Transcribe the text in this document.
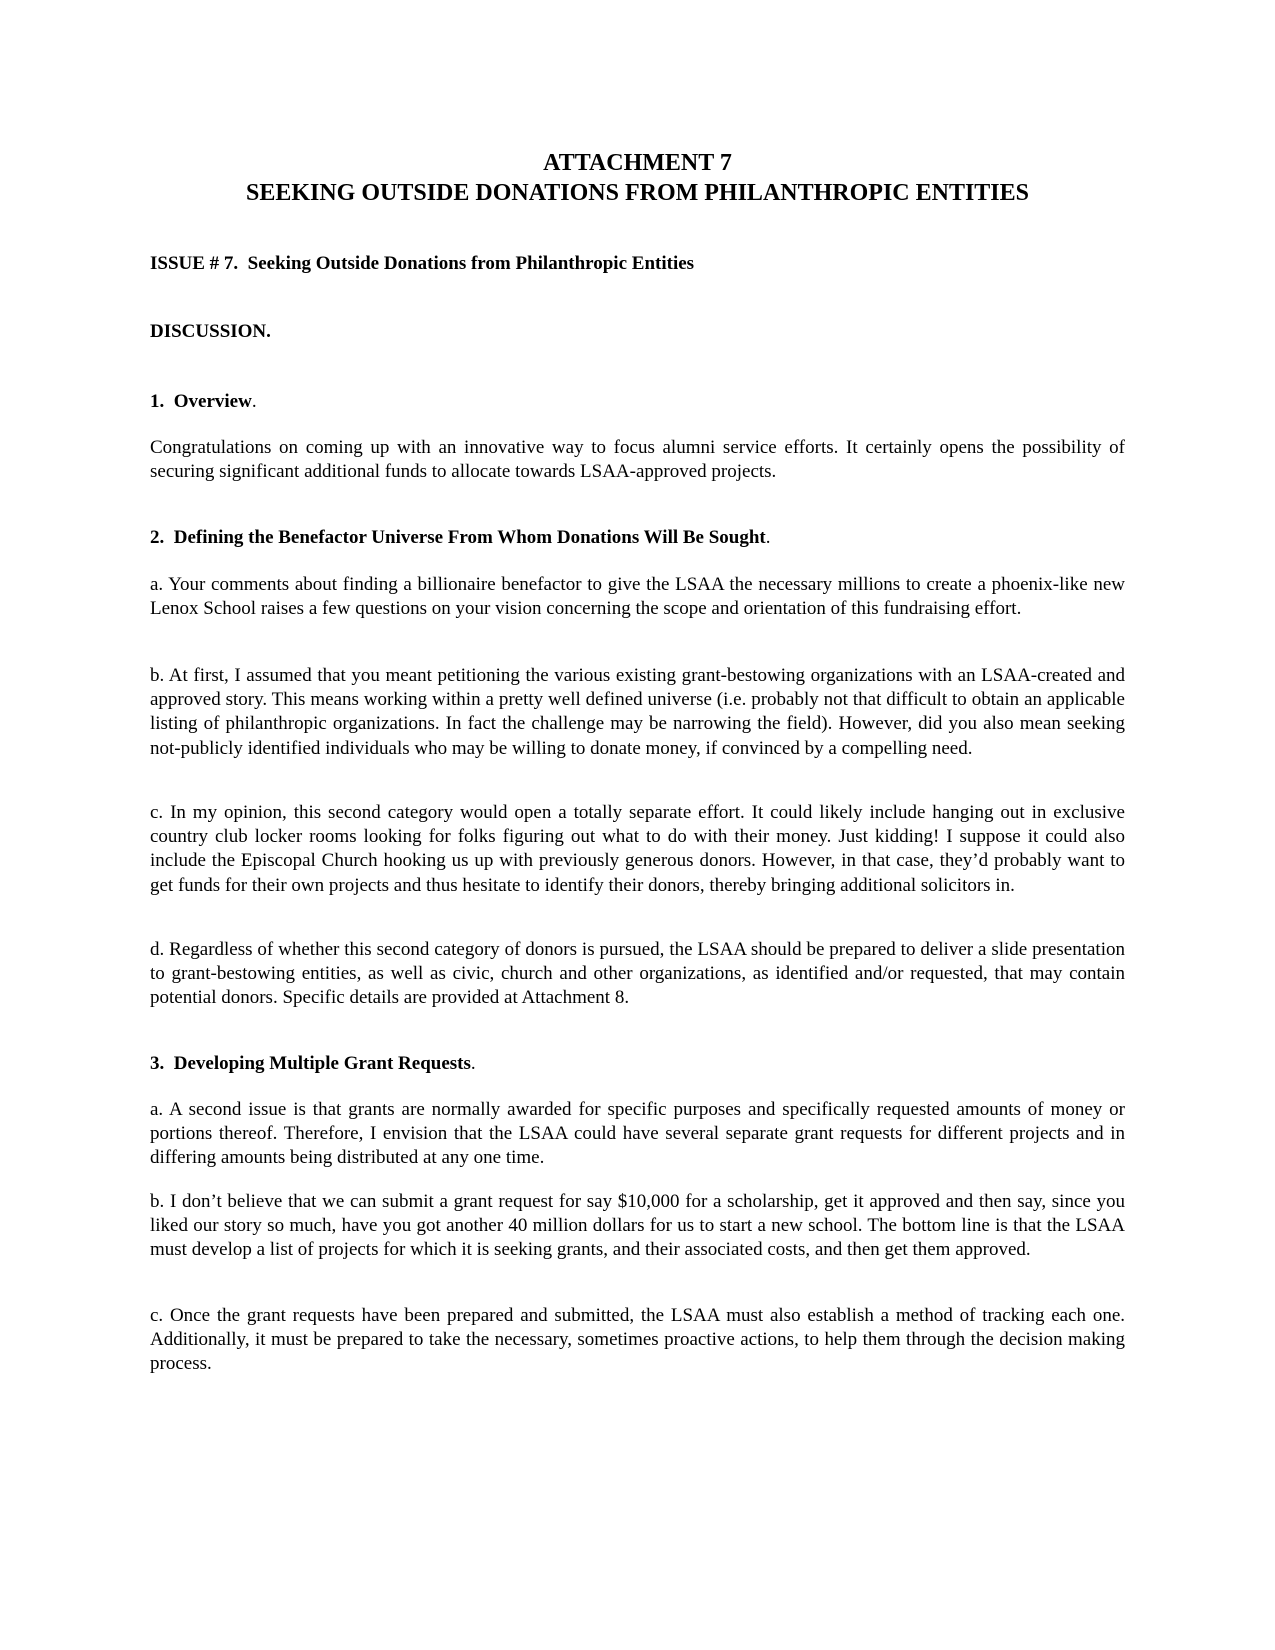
ATTACHMENT 7
SEEKING OUTSIDE DONATIONS FROM PHILANTHROPIC ENTITIES
ISSUE # 7.  Seeking Outside Donations from Philanthropic Entities
DISCUSSION.
1.  Overview.

Congratulations on coming up with an innovative way to focus alumni service efforts. It certainly opens the possibility of securing significant additional funds to allocate towards LSAA-approved projects.

2.  Defining the Benefactor Universe From Whom Donations Will Be Sought.

a. Your comments about finding a billionaire benefactor to give the LSAA the necessary millions to create a phoenix-like new Lenox School raises a few questions on your vision concerning the scope and orientation of this fundraising effort.

b. At first, I assumed that you meant petitioning the various existing grant-bestowing organizations with an LSAA-created and approved story. This means working within a pretty well defined universe (i.e. probably not that difficult to obtain an applicable listing of philanthropic organizations. In fact the challenge may be narrowing the field). However, did you also mean seeking not-publicly identified individuals who may be willing to donate money, if convinced by a compelling need.

c. In my opinion, this second category would open a totally separate effort. It could likely include hanging out in exclusive country club locker rooms looking for folks figuring out what to do with their money. Just kidding! I suppose it could also include the Episcopal Church hooking us up with previously generous donors. However, in that case, they’d probably want to get funds for their own projects and thus hesitate to identify their donors, thereby bringing additional solicitors in.

d. Regardless of whether this second category of donors is pursued, the LSAA should be prepared to deliver a slide presentation to grant-bestowing entities, as well as civic, church and other organizations, as identified and/or requested, that may contain potential donors. Specific details are provided at Attachment 8.

3.  Developing Multiple Grant Requests.

a. A second issue is that grants are normally awarded for specific purposes and specifically requested amounts of money or portions thereof. Therefore, I envision that the LSAA could have several separate grant requests for different projects and in differing amounts being distributed at any one time.

b. I don’t believe that we can submit a grant request for say $10,000 for a scholarship, get it approved and then say, since you liked our story so much, have you got another 40 million dollars for us to start a new school. The bottom line is that the LSAA must develop a list of projects for which it is seeking grants, and their associated costs, and then get them approved.

c. Once the grant requests have been prepared and submitted, the LSAA must also establish a method of tracking each one. Additionally, it must be prepared to take the necessary, sometimes proactive actions, to help them through the decision making process.
